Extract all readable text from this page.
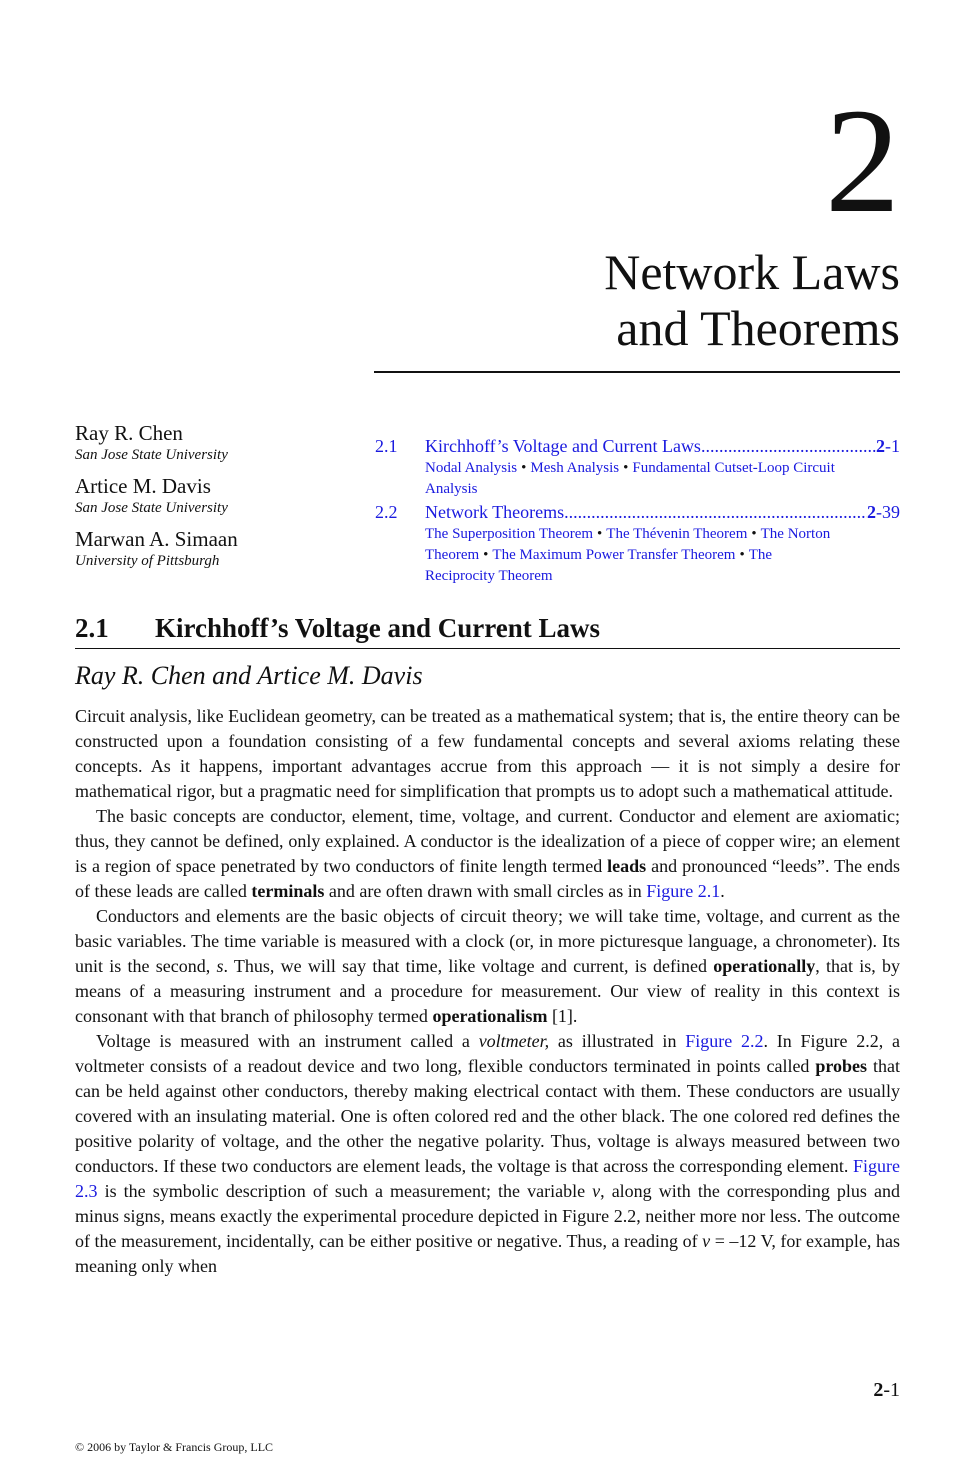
2
Network Laws
and Theorems
Ray R. Chen
San Jose State University
Artice M. Davis
San Jose State University
Marwan A. Simaan
University of Pittsburgh
2.1	Kirchhoff’s Voltage and Current Laws .....	2-1
Nodal Analysis • Mesh Analysis • Fundamental Cutset-Loop Circuit Analysis
2.2	Network Theorems .....	2-39
The Superposition Theorem • The Thévenin Theorem • The Norton Theorem • The Maximum Power Transfer Theorem • The Reciprocity Theorem
2.1 Kirchhoff’s Voltage and Current Laws
Ray R. Chen and Artice M. Davis

Circuit analysis, like Euclidean geometry, can be treated as a mathematical system; that is, the entire theory can be constructed upon a foundation consisting of a few fundamental concepts and several axioms relating these concepts. As it happens, important advantages accrue from this approach — it is not simply a desire for mathematical rigor, but a pragmatic need for simplification that prompts us to adopt such a mathematical attitude.

The basic concepts are conductor, element, time, voltage, and current. Conductor and element are axiomatic; thus, they cannot be defined, only explained. A conductor is the idealization of a piece of copper wire; an element is a region of space penetrated by two conductors of finite length termed leads and pronounced “leeds”. The ends of these leads are called terminals and are often drawn with small circles as in Figure 2.1.

Conductors and elements are the basic objects of circuit theory; we will take time, voltage, and current as the basic variables. The time variable is measured with a clock (or, in more picturesque language, a chronometer). Its unit is the second, s. Thus, we will say that time, like voltage and current, is defined operationally, that is, by means of a measuring instrument and a procedure for measurement. Our view of reality in this context is consonant with that branch of philosophy termed operationalism [1].

Voltage is measured with an instrument called a voltmeter, as illustrated in Figure 2.2. In Figure 2.2, a voltmeter consists of a readout device and two long, flexible conductors terminated in points called probes that can be held against other conductors, thereby making electrical contact with them. These conductors are usually covered with an insulating material. One is often colored red and the other black. The one colored red defines the positive polarity of voltage, and the other the negative polarity. Thus, voltage is always measured between two conductors. If these two conductors are element leads, the voltage is that across the corresponding element. Figure 2.3 is the symbolic description of such a measurement; the variable v, along with the corresponding plus and minus signs, means exactly the experimental procedure depicted in Figure 2.2, neither more nor less. The outcome of the measurement, incidentally, can be either positive or negative. Thus, a reading of v = –12 V, for example, has meaning only when

2-1
© 2006 by Taylor & Francis Group, LLC
